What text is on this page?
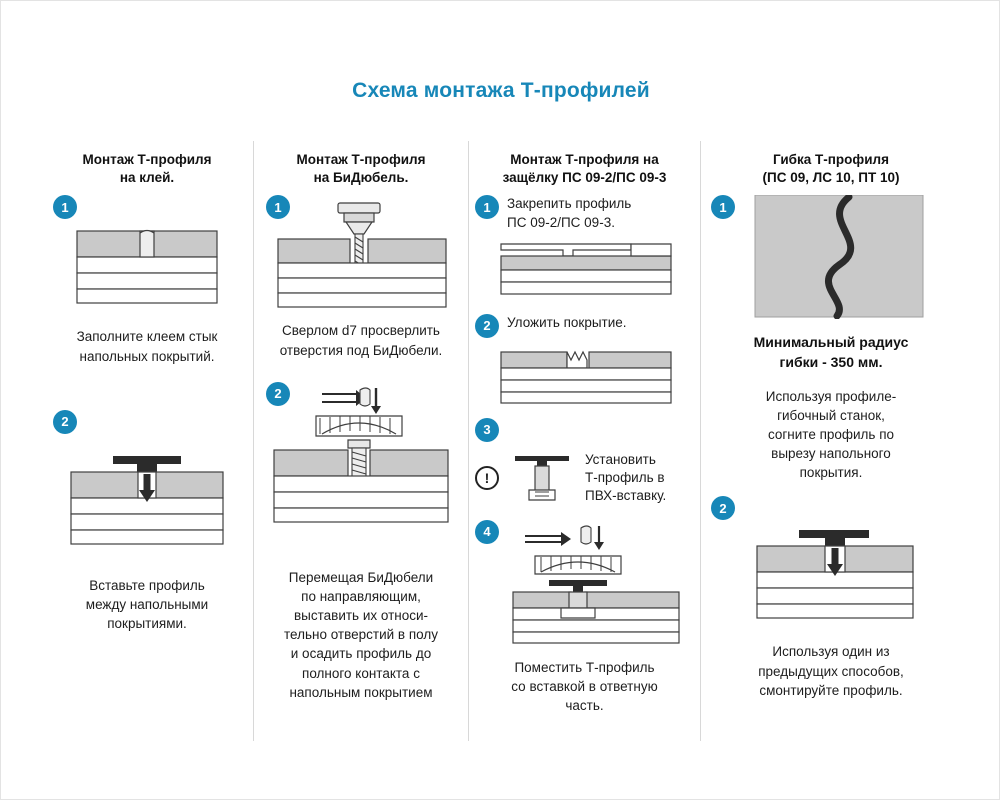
Схема монтажа Т-профилей
Монтаж Т-профиля
на клей.
1
Заполните клеем стык
напольных покрытий.
2
Вставьте профиль
между напольными
покрытиями.
Монтаж Т-профиля
на БиДюбель.
1
Сверлом d7 просверлить
отверстия под БиДюбели.
2
Перемещая БиДюбели
по направляющим,
выставить их относи-
тельно отверстий в полу
и осадить профиль до
полного контакта с
напольным покрытием
Монтаж Т-профиля на
защёлку ПС 09-2/ПС 09-3
1	Закрепить профиль
ПС 09-2/ПС 09-3.
2	Уложить покрытие.
3
!
Установить
Т-профиль в
ПВХ-вставку.
4
Поместить Т-профиль
со вставкой в ответную
часть.
Гибка Т-профиля
(ПС 09, ЛС 10, ПТ 10)
1
Минимальный радиус
гибки - 350 мм.
Используя профиле-
гибочный станок,
согните профиль по
вырезу напольного
покрытия.
2
Используя один из
предыдущих способов,
смонтируйте профиль.
